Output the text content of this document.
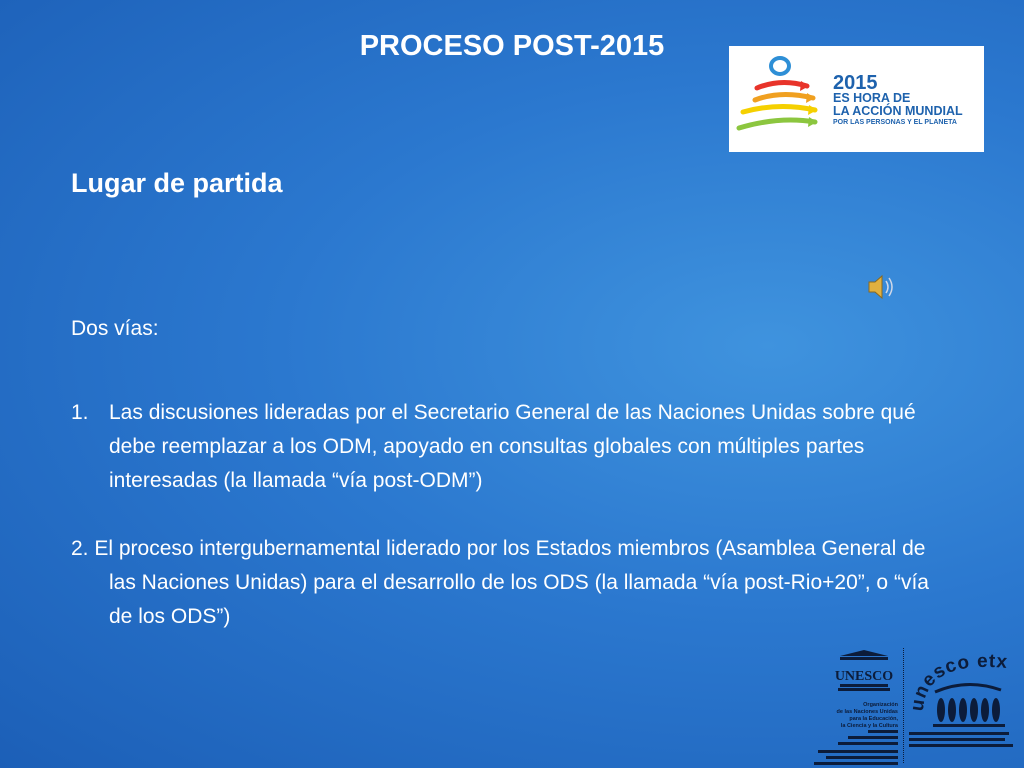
PROCESO POST-2015
2015
ES HORA DE
LA ACCIÓN MUNDIAL
POR LAS PERSONAS Y EL PLANETA
Lugar de partida
Dos vías:
1. Las discusiones lideradas por el Secretario General de las Naciones Unidas sobre qué debe reemplazar a los ODM, apoyado en consultas globales con múltiples partes interesadas (la llamada “vía post-ODM”)
2. El proceso intergubernamental liderado por los Estados miembros (Asamblea General de las Naciones Unidas) para el desarrollo de los ODS (la llamada “vía post-Rio+20”, o “vía de los ODS”)
UNESCO
Organización
de las Naciones Unidas
para la Educación,
la Ciencia y la Cultura
unesco etx
